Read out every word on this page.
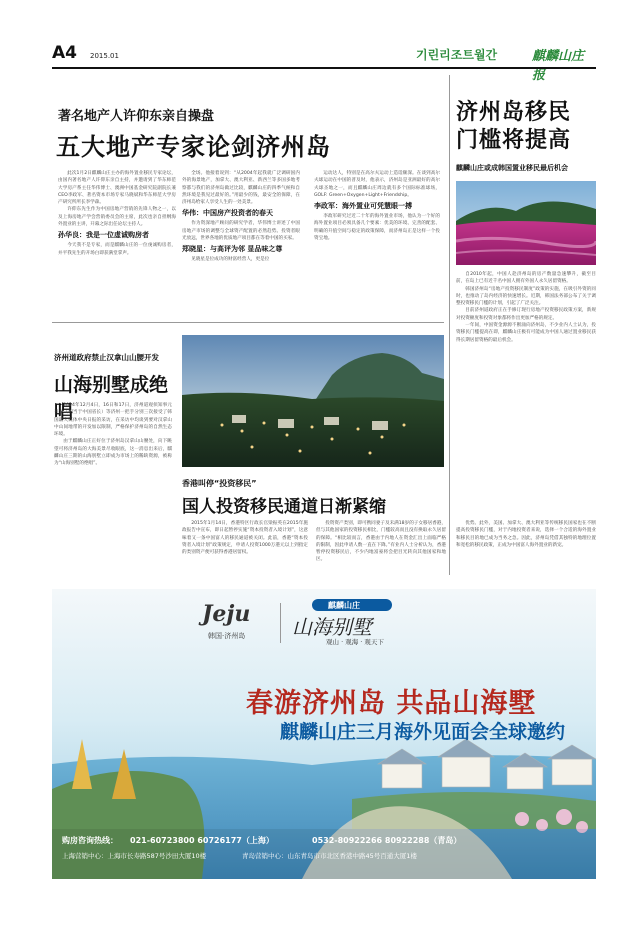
A4 2015.01	기린리조트월간	麒麟山庄报
著名地产人许仰东亲自操盘
五大地产专家论剑济州岛

此次1月2日麒麟山庄主办的海外置业移民专家论坛，由国内著名地产人许仰东亲自主持，并邀请到了华东师范大学房产系主任华伟博士、澳洲中国基金研究院副院长兼CEO李政军、著名资本市场专家马晓斌和华东师范大学房产研究所所长李学森。

许仰东先生作为中国房地产营销的先锋人物之一，以及上海房地产学会营销委员会的主席，此次也亲自担纲海外置业的主讲，开幕之际出任论坛主持人。

孙华良：我是一位虚诚购房者

今天我不是专家，而是麒麟山庄的一位虔诚购房者，并平我先生的开场白即获满堂掌声。

全场。他接着说到：“从2004年起我就广泛调研国内外的海景地产，加拿大、澳大利亚、新西兰等多国多地考察都与我们的济州岛做过比较，麒麟山庄的四季气候和自然环境是我见过最好的。”用最少的钱，最安全的保障，在济州岛给家人享受人生的一处美景。

华伟：中国房产投资者的春天

作为资深地产顾问的研究学者，华伟博士讲述了中国房地产市场的调整与全球资产配置的必然趋势。投资者眼光放远，世界各地的优质地产项目都在等着中国的买家。

郑晓星：与高评为邻 显品味之尊

见晓星是位成功的财富经营人，更是位

运动达人，特别是在高尔夫运动上造诣颇深。在谈到高尔夫球运动在中国的普及时，他表示，济州岛是亚洲最好的高尔夫球圣地之一，而且麒麟山庄周边就有多个国际标准球场，GOLF: Green+Oxygen+Light+Friendship。

李政军：海外置业可凭慧眼一搏

李政军研究过近二十年的海外置业市场，他认为一个好的海外置业项目必须具备几个要素：优美的环境、完善的配套、明确的升值空间与稳定的政策保障，而济州岛正是这样一个投资宝地。

济州岛移民
门槛将提高
麒麟山庄或成韩国置业移民最后机会

自2010年起，中国人赴济州岛的房产数量急速攀升，截至目前，在岛上已有近千名中国人拥有外国人永久居留资格。

韩国济州岛“房地产投资移民制度”政策的实施，在吸引外资的同时，也推动了岛内经济的快速增长。近期，韩国法务部公布了关于调整投资移民门槛的计划，引起了广泛关注。

目前济州道政府正在手修订现行房地产投资移民政策方案，新规对投资额度和投资对象都将作出更加严格的规定。

一年间，中国资金源源不断涌向济州岛，不少业内人士认为，投资移民门槛提高在即，麒麟山庄极有可能成为中国人通过置业移民获得长期居留资格的最后机会。

济州道政府禁止汉拿山山腰开发
山海别墅成绝唱

2014年12月4日，16日和17日，济州道观侦知事元喜龙（相当于中国省长）等济州一把手分别三次接受了韩国最大媒体中央日报的采访，在采访中均谈到要对汉拿山中山间地带的开发加以限制，严格保护济州岛的自然生态环境。

由于麒麟山庄正好位于济州岛汉拿山山腰处，向下眺望可将济州岛的大海美景尽收眼底，这一消息出来后，麒麟山庄三期的山海别墅立即成为市场上的稀缺资源，被称为“山海别墅的绝唱”。

香港叫停“投资移民”
国人投资移民通道日渐紧缩
2015年1月14日，香港特区行政长官梁振英在2015年施政报告中宣布，即日起暂停实施“资本投资者入境计划”，这意味着又一条中国富人的移民通道被关闭。此前，香港“资本投资者入境计划”政策规定，申请人投资1000万港元以上到指定的类别资产便可获得香港居留权。
投资资产类别，即可携同妻子及未满18岁的子女移居香港，但与其他国家的投资移民相比，门槛较高而且没有换取永久居留的保障。“相比较而言，香港由于内地人在资金汇出上面临严格的限制，因此申请人数一直在下降。”有业内人士分析认为，香港暂停投资移民后，不少内地富豪将会把目光转向其他国家和地区。
优势。此外，美国、加拿大、澳大利亚等传统移民国家也在不断提高投资移民门槛，对于内地投资者来说，选择一个合适的海外置业和移民目的地已成为当务之急。因此，济州岛凭借其独特的地理位置和宽松的移民政策，正成为中国富人海外置业的新宠。
Jeju
韩国·济州岛
麒麟山庄
山海别墅
观山 · 观海 · 观天下
春游济州岛 共品山海墅
麒麟山庄三月海外见面会全球邀约
购房咨询热线： 021-60723800 60726177（上海）	0532-80922266 80922288（青岛）
上海营销中心：上海市长寿路587号沙田大厦10楼	青岛营销中心：山东青岛市市北区香港中路45号百通大厦1楼
